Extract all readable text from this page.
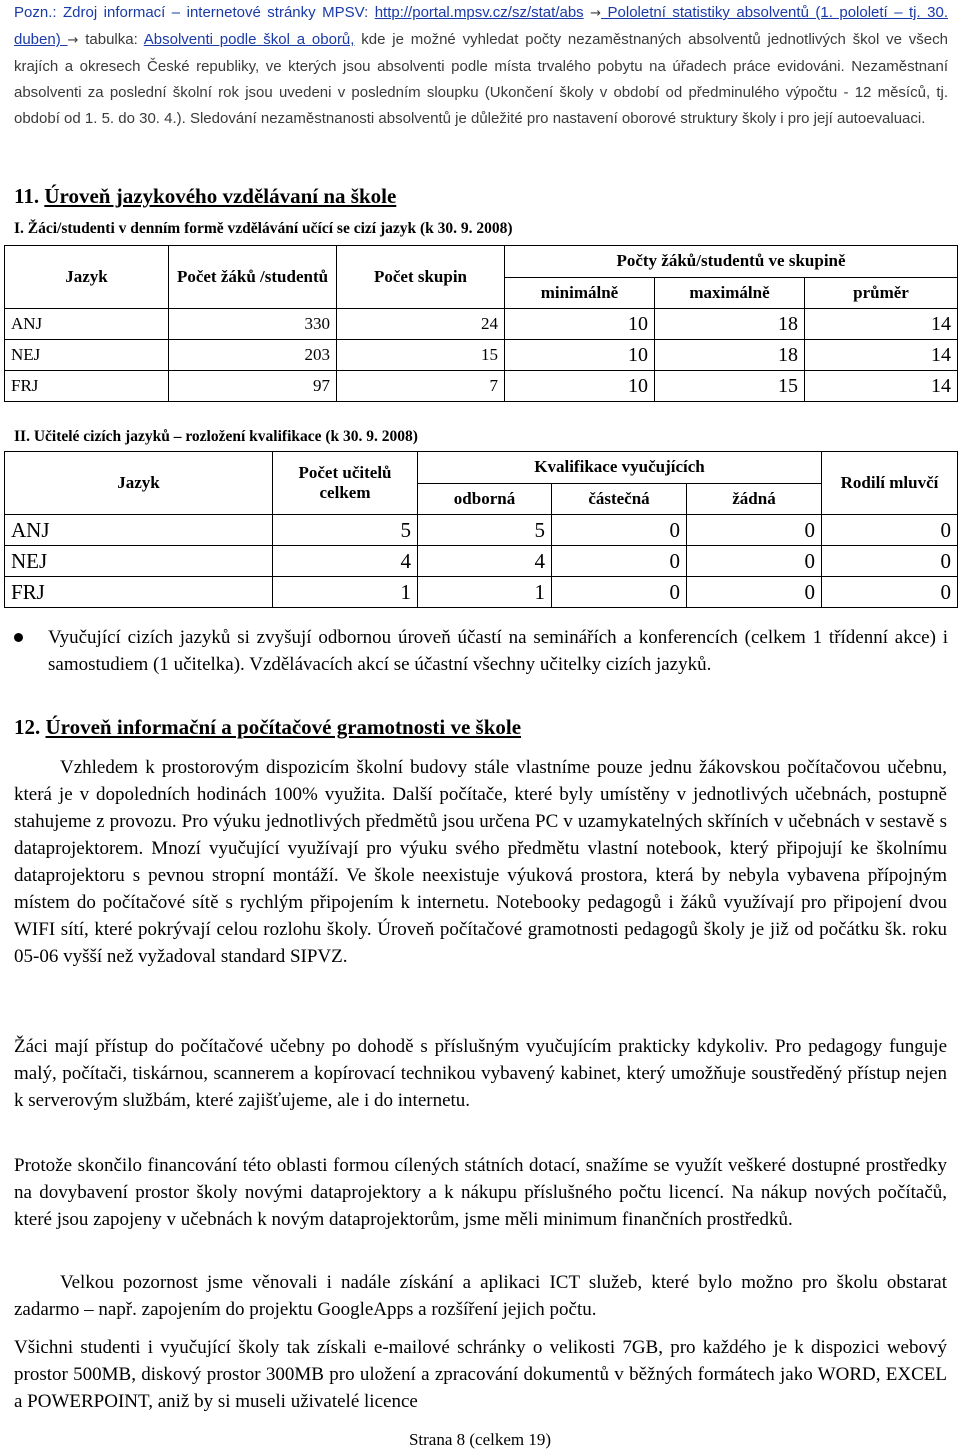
Pozn.: Zdroj informací – internetové stránky MPSV: http://portal.mpsv.cz/sz/stat/abs → Pololetní statistiky absolventů (1. pololetí – tj. 30. duben) → tabulka: Absolventi podle škol a oborů, kde je možné vyhledat počty nezaměstnaných absolventů jednotlivých škol ve všech krajích a okresech České republiky, ve kterých jsou absolventi podle místa trvalého pobytu na úřadech práce evidováni. Nezaměstnaní absolventi za poslední školní rok jsou uvedeni v posledním sloupku (Ukončení školy v období od předminulého výpočtu - 12 měsíců, tj. období od 1. 5. do 30. 4.). Sledování nezaměstnanosti absolventů je důležité pro nastavení oborové struktury školy i pro její autoevaluaci.
11. Úroveň jazykového vzdělávaní na škole
I. Žáci/studenti v denním formě vzdělávání učící se cizí jazyk (k 30. 9. 2008)
Jazyk	Počet žáků /studentů	Počet skupin	Počty žáků/studentů ve skupině		
			minimálně	maximálně	průměr
ANJ	330	24	10	18	14
NEJ	203	15	10	18	14
FRJ	97	7	10	15	14
II. Učitelé cizích jazyků – rozložení kvalifikace (k 30. 9. 2008)
Jazyk	Počet učitelů celkem	Kvalifikace vyučujících			Rodilí mluvčí
		odborná	částečná	žádná	
ANJ	5	5	0	0	0
NEJ	4	4	0	0	0
FRJ	1	1	0	0	0
Vyučující cizích jazyků si zvyšují odbornou úroveň účastí na seminářích a konferencích (celkem 1 třídenní akce) i samostudiem (1 učitelka). Vzdělávacích akcí se účastní všechny učitelky cizích jazyků.
12. Úroveň informační a počítačové gramotnosti ve škole
Vzhledem k prostorovým dispozicím školní budovy stále vlastníme pouze jednu žákovskou počítačovou učebnu, která je v dopoledních hodinách 100% využita. Další počítače, které byly umístěny v jednotlivých učebnách, postupně stahujeme z provozu. Pro výuku jednotlivých předmětů jsou určena PC v uzamykatelných skříních v učebnách v sestavě s dataprojektorem. Mnozí vyučující využívají pro výuku svého předmětu vlastní notebook, který připojují ke školnímu dataprojektoru s pevnou stropní montáží. Ve škole neexistuje výuková prostora, která by nebyla vybavena přípojným místem do počítačové sítě s rychlým připojením k internetu. Notebooky pedagogů i žáků využívají pro připojení dvou WIFI sítí, které pokrývají celou rozlohu školy. Úroveň počítačové gramotnosti pedagogů školy je již od počátku šk. roku 05-06 vyšší než vyžadoval standard SIPVZ.
Žáci mají přístup do počítačové učebny po dohodě s příslušným vyučujícím prakticky kdykoliv. Pro pedagogy funguje malý, počítači, tiskárnou, scannerem a kopírovací technikou vybavený kabinet, který umožňuje soustředěný přístup nejen k serverovým službám, které zajišťujeme, ale i do internetu.
Protože skončilo financování této oblasti formou cílených státních dotací, snažíme se využít veškeré dostupné prostředky na dovybavení prostor školy novými dataprojektory a k nákupu příslušného počtu licencí. Na nákup nových počítačů, které jsou zapojeny v učebnách k novým dataprojektorům, jsme měli minimum finančních prostředků.
Velkou pozornost jsme věnovali i nadále získání a aplikaci ICT služeb, které bylo možno pro školu obstarat zadarmo – např. zapojením do projektu GoogleApps a rozšíření jejich počtu.
Všichni studenti i vyučující školy tak získali e-mailové schránky o velikosti 7GB, pro každého je k dispozici webový prostor 500MB, diskový prostor 300MB pro uložení a zpracování dokumentů v běžných formátech jako WORD, EXCEL a POWERPOINT, aniž by si museli uživatelé licence
Strana 8 (celkem 19)
